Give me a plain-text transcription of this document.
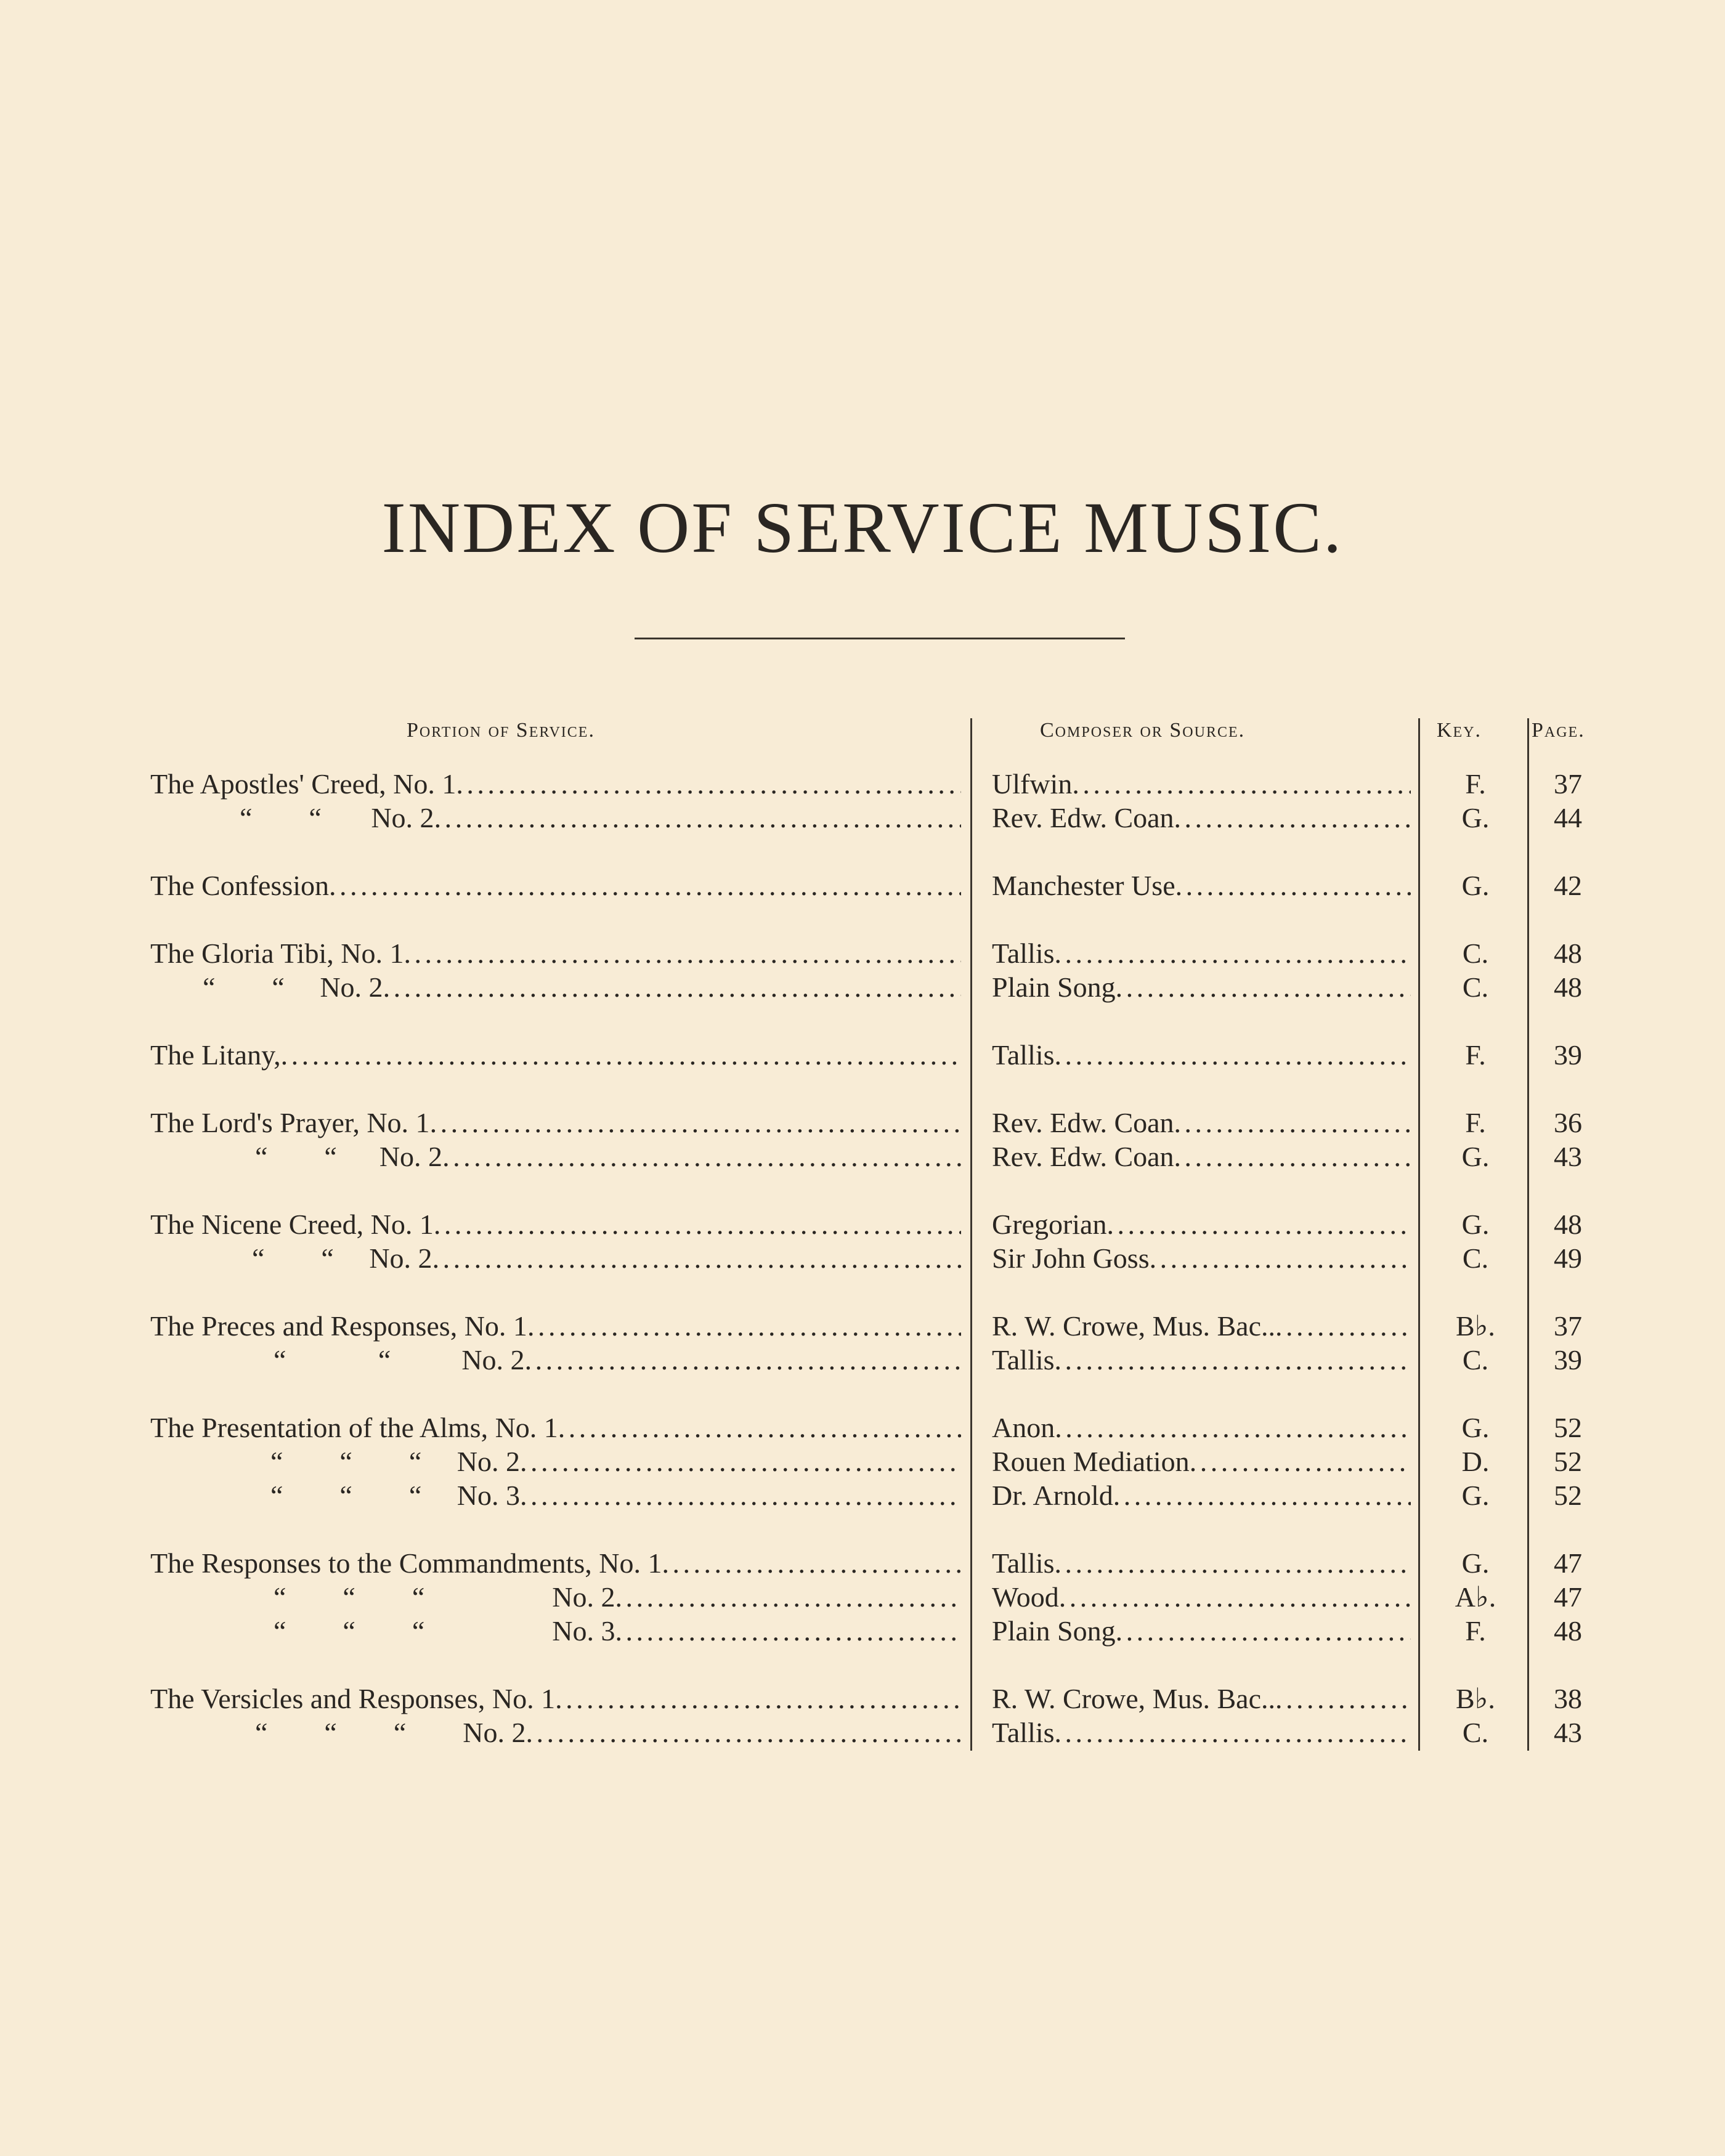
INDEX OF SERVICE MUSIC.
Portion of Service.	Composer or Source.	Key. Page.
The Apostles' Creed, No. 1 . . .	Ulfwin . . .	F.	37
“        “       No. 2 . . .	Rev. Edw. Coan . . .	G.	44
The Confession . . .	Manchester Use . . .	G.	42
The Gloria Tibi, No. 1 . . .	Tallis . . .	C.	48
“        “     No. 2 . . .	Plain Song . . .	C.	48
The Litany, . . .	Tallis . . .	F.	39
The Lord's Prayer, No. 1 . . .	Rev. Edw. Coan . . .	F.	36
“        “      No. 2 . . .	Rev. Edw. Coan . . .	G.	43
The Nicene Creed, No. 1 . . .	Gregorian . . .	G.	48
“        “     No. 2 . . .	Sir John Goss . . .	C.	49
The Preces and Responses, No. 1 . . .	R. W. Crowe, Mus. Bac.. . . .	B♭.	37
“             “          No. 2 . . .	Tallis . . .	C.	39
The Presentation of the Alms, No. 1 . . .	Anon . . .	G.	52
“        “        “     No. 2 . . .	Rouen Mediation . . .	D.	52
“        “        “     No. 3 . . .	Dr. Arnold . . .	G.	52
The Responses to the Commandments, No. 1 . . .	Tallis . . .	G.	47
“        “        “                  No. 2 . . .	Wood . . .	A♭.	47
“        “        “                  No. 3 . . .	Plain Song . . .	F.	48
The Versicles and Responses, No. 1 . . .	R. W. Crowe, Mus. Bac.. . . .	B♭.	38
“        “        “        No. 2 . . .	Tallis . . .	C.	43
